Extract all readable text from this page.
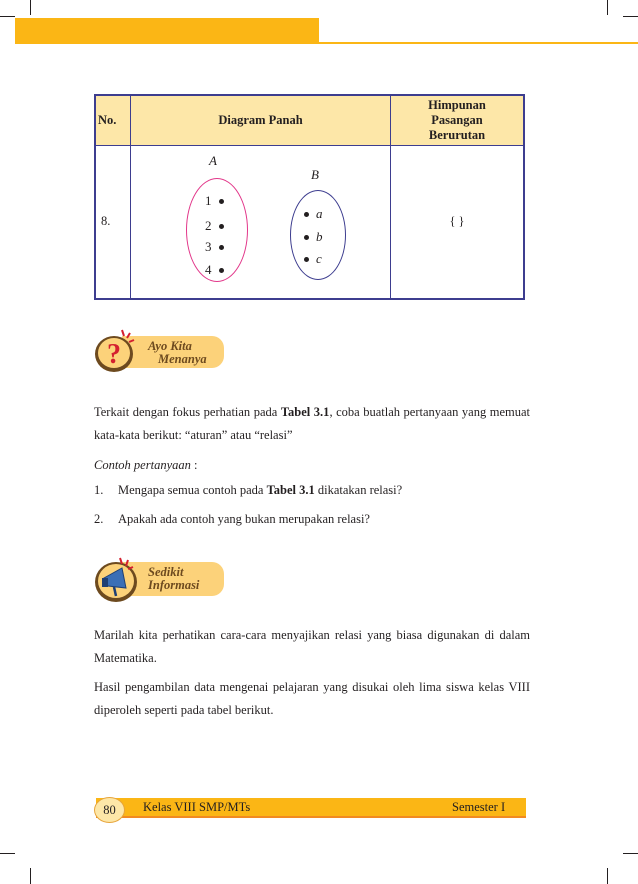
No.	Diagram Panah	Himpunan
Pasangan
Berurutan

8.		{ }
A
B
1
2
3
4
a
b
c
? Ayo Kita
Menanya
Terkait dengan fokus perhatian pada Tabel 3.1, coba buatlah pertanyaan yang memuat kata-kata berikut: “aturan” atau “relasi”
Contoh pertanyaan :
1. Mengapa semua contoh pada Tabel 3.1 dikatakan relasi?
2. Apakah ada contoh yang bukan merupakan relasi?
Sedikit
Informasi
Marilah kita perhatikan cara-cara menyajikan relasi yang biasa digunakan di dalam Matematika.
Hasil pengambilan data mengenai pelajaran yang disukai oleh lima siswa kelas VIII diperoleh seperti pada tabel berikut.
80	Kelas VIII SMP/MTs	Semester I
